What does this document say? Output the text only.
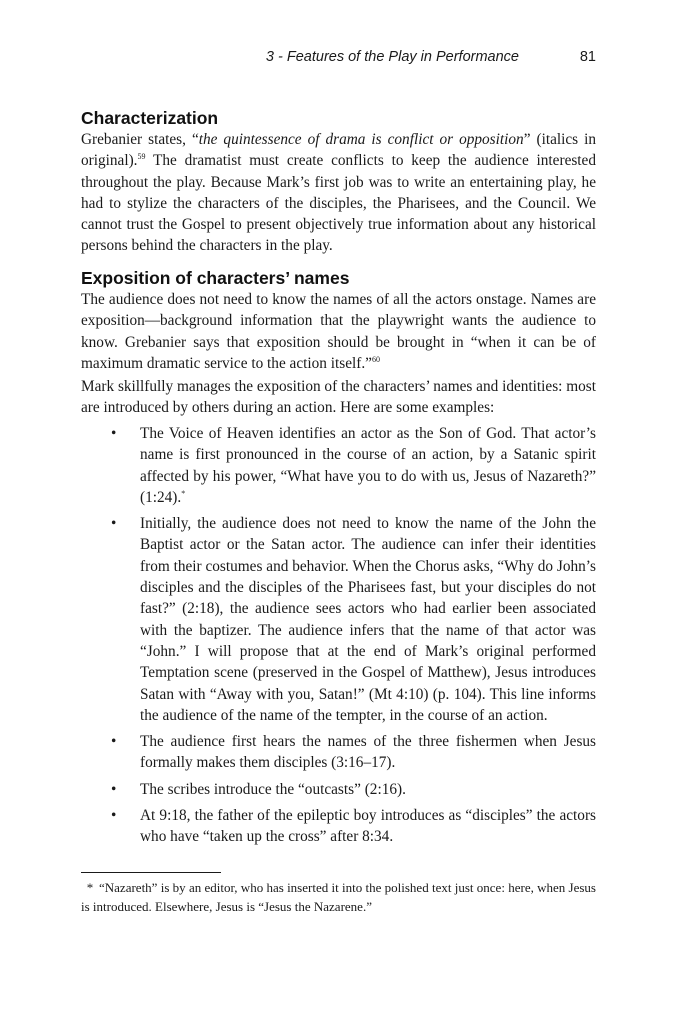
3 - Features of the Play in Performance	81
Characterization

Grebanier states, “the quintessence of drama is conflict or opposition” (italics in original).$^{59}$ The dramatist must create conflicts to keep the audience interested throughout the play. Because Mark’s first job was to write an entertaining play, he had to stylize the characters of the disciples, the Pharisees, and the Council. We cannot trust the Gospel to present objectively true information about any historical persons behind the characters in the play.

Exposition of characters’ names

The audience does not need to know the names of all the actors onstage. Names are exposition—background information that the playwright wants the audience to know. Grebanier says that exposition should be brought in “when it can be of maximum dramatic service to the action itself.”$^{60}$

Mark skillfully manages the exposition of the characters’ names and identities: most are introduced by others during an action. Here are some examples:

• The Voice of Heaven identifies an actor as the Son of God. That actor’s name is first pronounced in the course of an action, by a Satanic spirit affected by his power, “What have you to do with us, Jesus of Nazareth?” (1:24).*
• Initially, the audience does not need to know the name of the John the Baptist actor or the Satan actor. The audience can infer their identities from their costumes and behavior. When the Chorus asks, “Why do John’s disciples and the disciples of the Pharisees fast, but your disciples do not fast?” (2:18), the audience sees actors who had earlier been associated with the baptizer. The audience infers that the name of that actor was “John.” I will propose that at the end of Mark’s original performed Temptation scene (preserved in the Gospel of Matthew), Jesus introduces Satan with “Away with you, Satan!” (Mt 4:10) (p. 104). This line informs the audience of the name of the tempter, in the course of an action.
• The audience first hears the names of the three fishermen when Jesus formally makes them disciples (3:16–17).
• The scribes introduce the “outcasts” (2:16).
• At 9:18, the father of the epileptic boy introduces as “disciples” the actors who have “taken up the cross” after 8:34.

* “Nazareth” is by an editor, who has inserted it into the polished text just once: here, when Jesus is introduced. Elsewhere, Jesus is “Jesus the Nazarene.”
